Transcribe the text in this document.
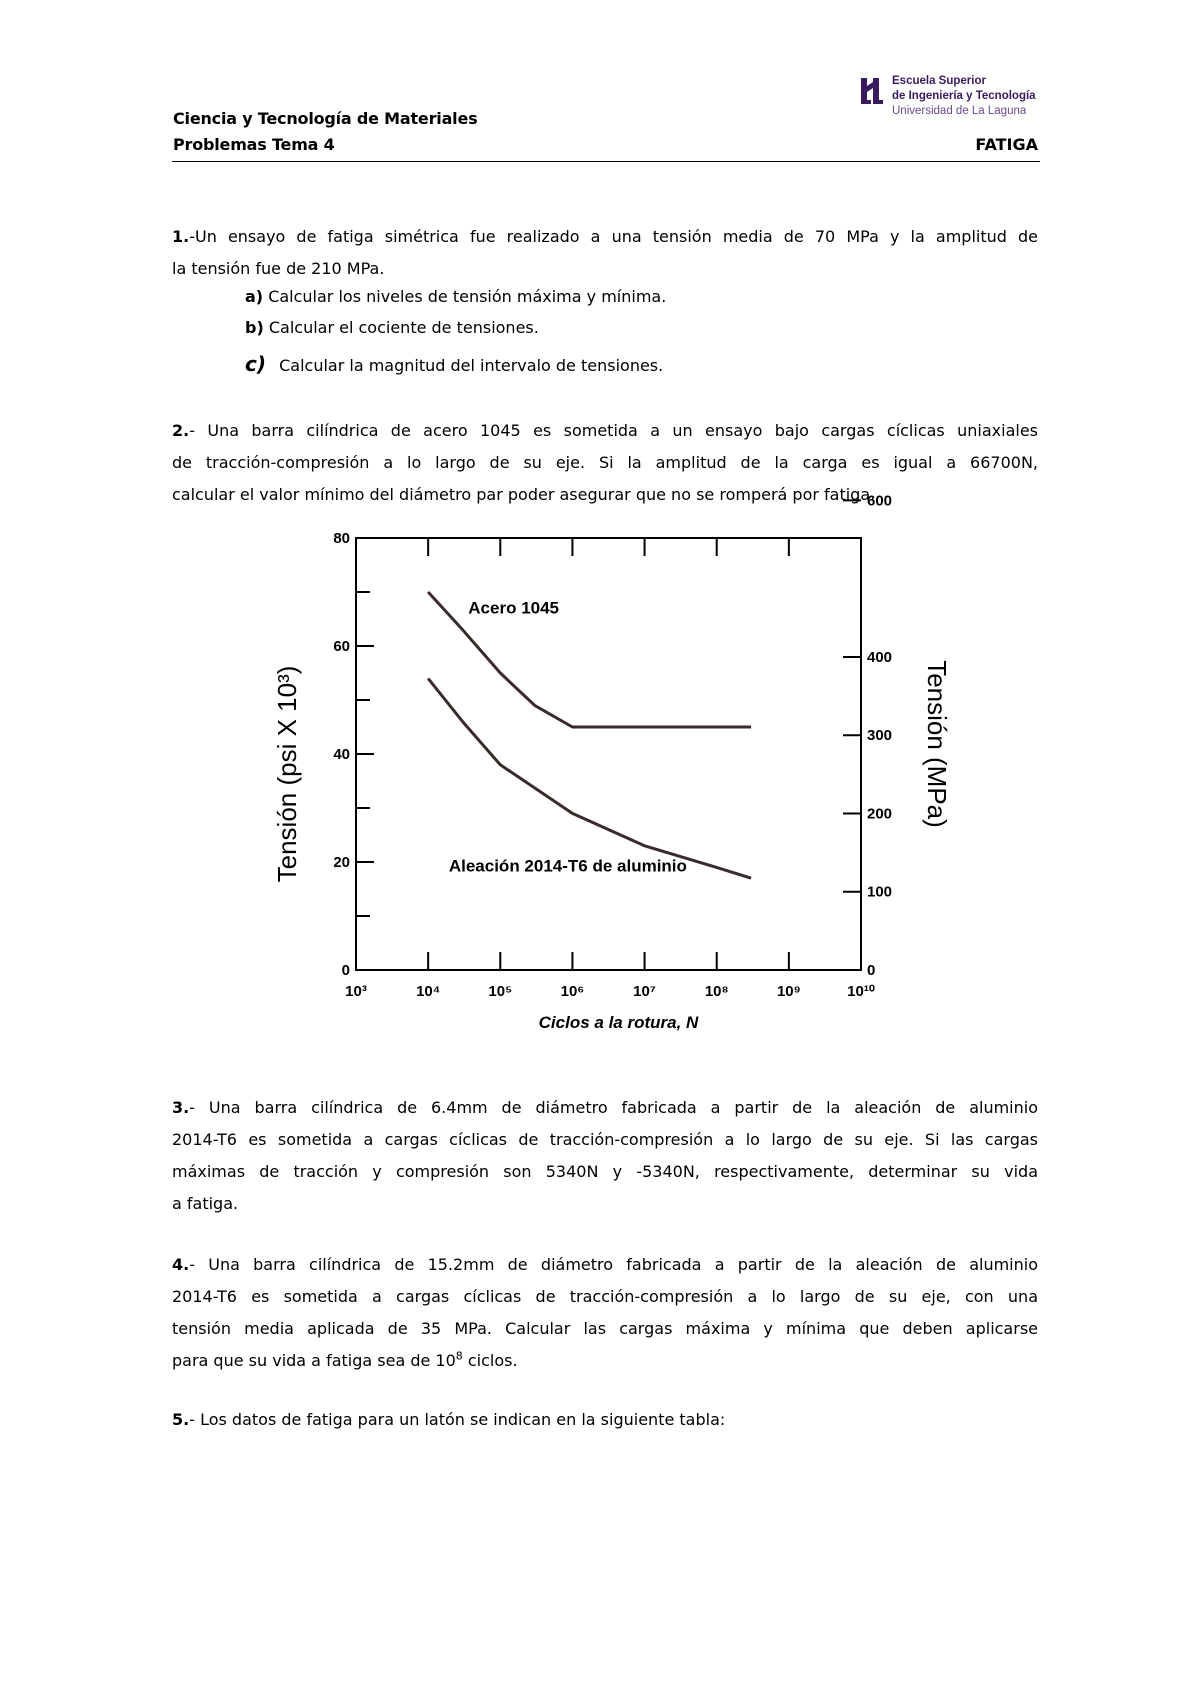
Escuela Superior
de Ingeniería y Tecnología
Universidad de La Laguna
Ciencia y Tecnología de Materiales
Problemas Tema 4	FATIGA
1.-Un ensayo de fatiga simétrica fue realizado a una tensión media de 70 MPa y la amplitud de
la tensión fue de 210 MPa.
a) Calcular los niveles de tensión máxima y mínima.
b) Calcular el cociente de tensiones.
c) Calcular la magnitud del intervalo de tensiones.
2.- Una barra cilíndrica de acero 1045 es sometida a un ensayo bajo cargas cíclicas uniaxiales
de tracción-compresión a lo largo de su eje. Si la amplitud de la carga es igual a 66700N,
calcular el valor mínimo del diámetro par poder asegurar que no se romperá por fatiga.
10³	10⁴	10⁵	10⁶	10⁷	10⁸	10⁹	10¹⁰
0
20
40
60
80
0
100
200
300
400
600
Ciclos a la rotura, N
Tensión (psi X 10³)	Tensión (MPa)
Acero 1045
Aleación 2014-T6 de aluminio
3.- Una barra cilíndrica de 6.4mm de diámetro fabricada a partir de la aleación de aluminio
2014-T6 es sometida a cargas cíclicas de tracción-compresión a lo largo de su eje. Si las cargas
máximas de tracción y compresión son 5340N y -5340N, respectivamente, determinar su vida
a fatiga.
4.- Una barra cilíndrica de 15.2mm de diámetro fabricada a partir de la aleación de aluminio
2014-T6 es sometida a cargas cíclicas de tracción-compresión a lo largo de su eje, con una
tensión media aplicada de 35 MPa. Calcular las cargas máxima y mínima que deben aplicarse
para que su vida a fatiga sea de $10^8$ ciclos.
5.- Los datos de fatiga para un latón se indican en la siguiente tabla:
